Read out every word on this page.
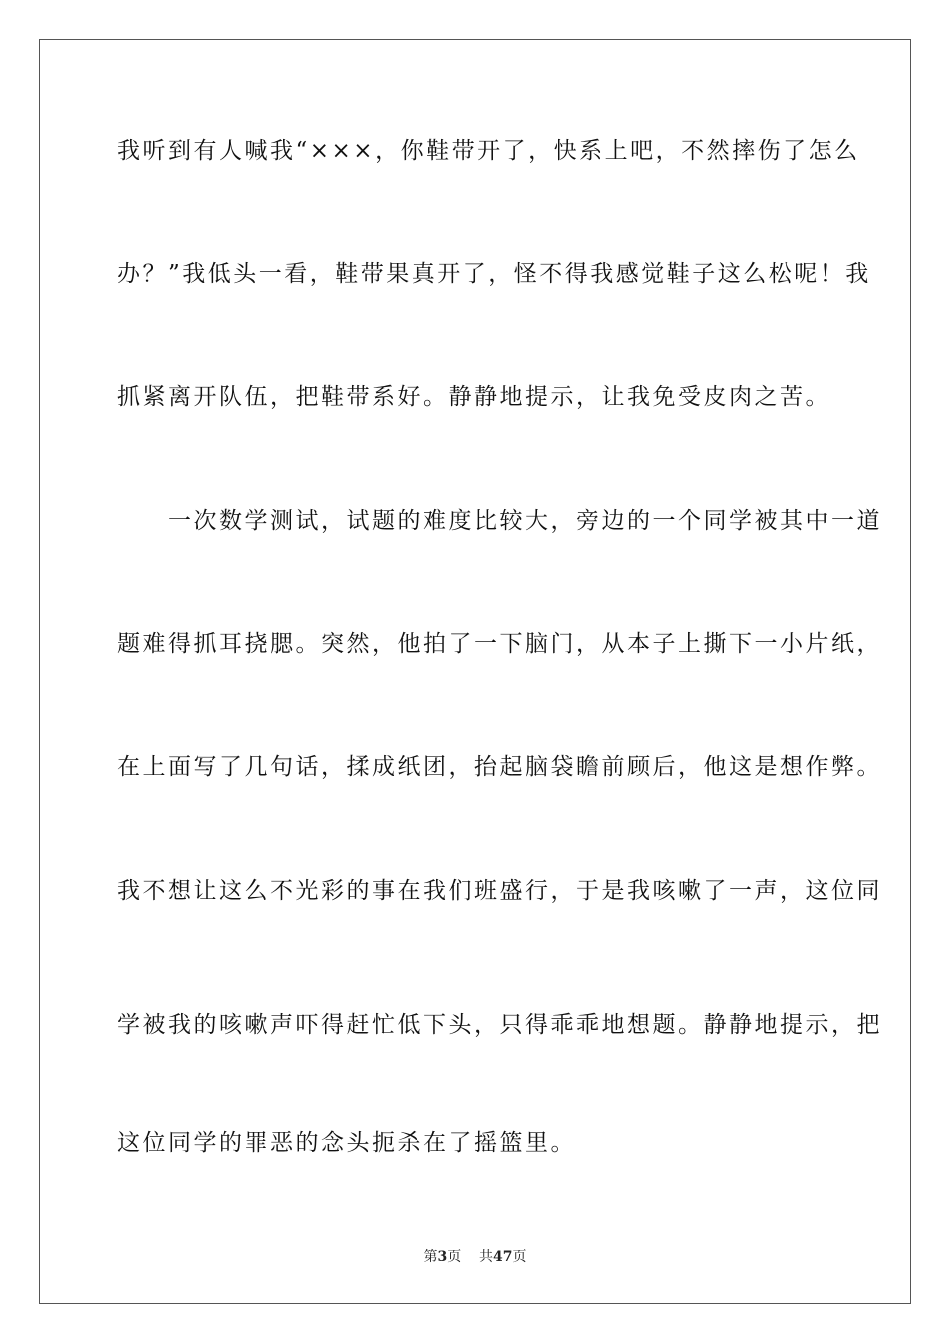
我听到有人喊我“×××，你鞋带开了，快系上吧，不然摔伤了怎么
办？”我低头一看，鞋带果真开了，怪不得我感觉鞋子这么松呢！我
抓紧离开队伍，把鞋带系好。静静地提示，让我免受皮肉之苦。
　　一次数学测试，试题的难度比较大，旁边的一个同学被其中一道
题难得抓耳挠腮。突然，他拍了一下脑门，从本子上撕下一小片纸，
在上面写了几句话，揉成纸团，抬起脑袋瞻前顾后，他这是想作弊。
我不想让这么不光彩的事在我们班盛行，于是我咳嗽了一声，这位同
学被我的咳嗽声吓得赶忙低下头，只得乖乖地想题。静静地提示，把
这位同学的罪恶的念头扼杀在了摇篮里。
第3页 共47页
